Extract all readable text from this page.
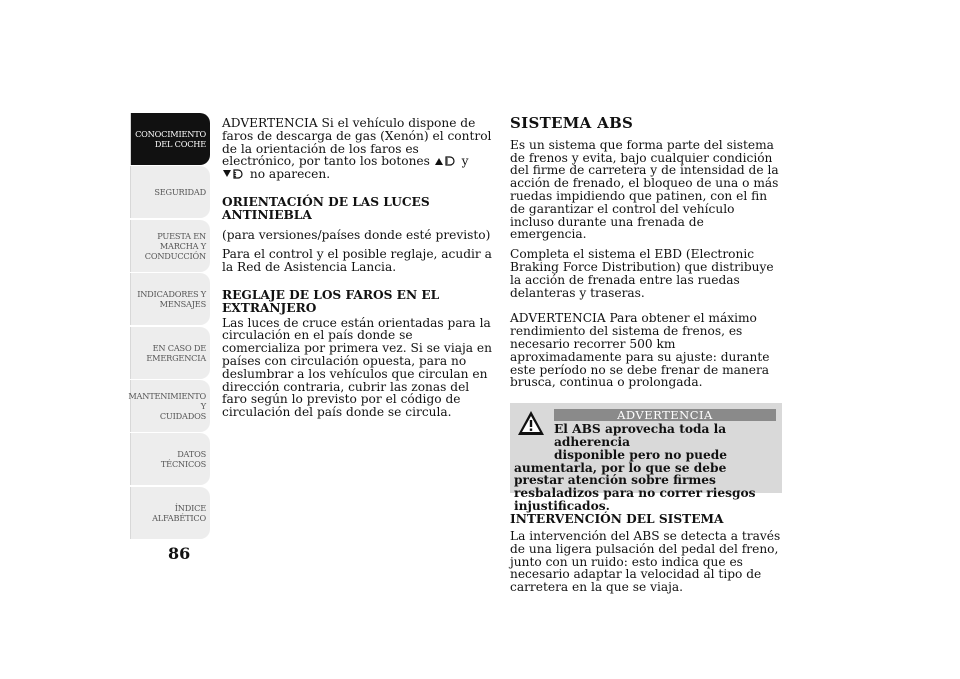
CONOCIMIENTO
DEL COCHE
SEGURIDAD
PUESTA EN
MARCHA Y
CONDUCCIÓN
INDICADORES Y
MENSAJES
EN CASO DE
EMERGENCIA
MANTENIMIENTO Y
CUIDADOS
DATOS TÉCNICOS
ÍNDICE
ALFABÉTICO
86

ADVERTENCIA Si el vehículo dispone de faros de descarga de gas (Xenón) el control de la orientación de los faros es electrónico, por tanto los botones	y  no aparecen.

ORIENTACIÓN DE LAS LUCES ANTINIEBLA

(para versiones/países donde esté previsto)

Para el control y el posible reglaje, acudir a la Red de Asistencia Lancia.

REGLAJE DE LOS FAROS EN EL EXTRANJERO

Las luces de cruce están orientadas para la circulación en el país donde se comercializa por primera vez. Si se viaja en países con circulación opuesta, para no deslumbrar a los vehículos que circulan en dirección contraria, cubrir las zonas del faro según lo previsto por el código de circulación del país donde se circula.

SISTEMA ABS

Es un sistema que forma parte del sistema de frenos y evita, bajo cualquier condición del firme de carretera y de intensidad de la acción de frenado, el bloqueo de una o más ruedas impidiendo que patinen, con el fin de garantizar el control del vehículo incluso durante una frenada de emergencia.

Completa el sistema el EBD (Electronic Braking Force Distribution) que distribuye la acción de frenada entre las ruedas delanteras y traseras.

ADVERTENCIA Para obtener el máximo rendimiento del sistema de frenos, es necesario recorrer 500 km aproximadamente para su ajuste: durante este período no se debe frenar de manera brusca, continua o prolongada.

ADVERTENCIA
El ABS aprovecha toda la adherencia
disponible pero no puede
aumentarla, por lo que se debe prestar atención sobre firmes resbaladizos para no correr riesgos injustificados.

INTERVENCIÓN DEL SISTEMA

La intervención del ABS se detecta a través de una ligera pulsación del pedal del freno, junto con un ruido: esto indica que es necesario adaptar la velocidad al tipo de carretera en la que se viaja.
